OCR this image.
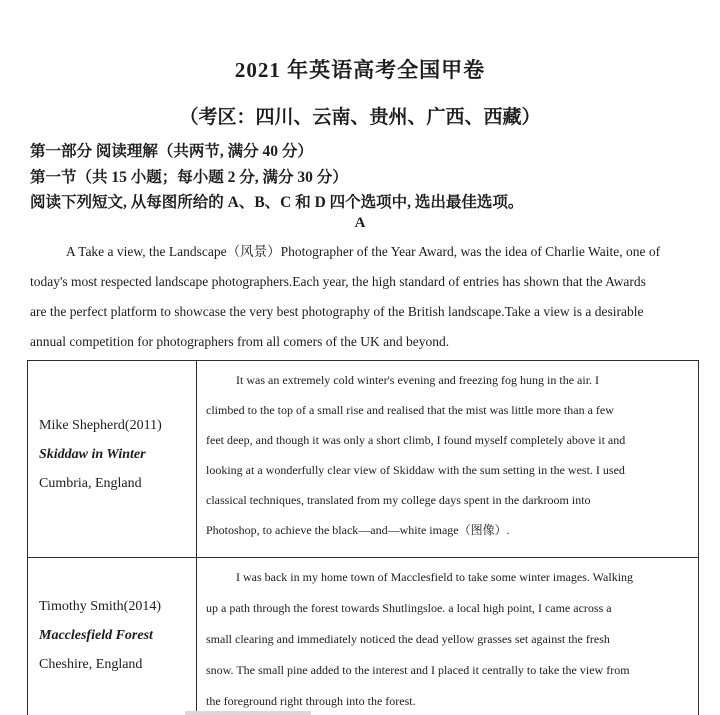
2021 年英语高考全国甲卷
（考区：四川、云南、贵州、广西、西藏）
第一部分 阅读理解（共两节, 满分 40 分）
第一节（共 15 小题；每小题 2 分, 满分 30 分）
阅读下列短文, 从每图所给的 A、B、C 和 D 四个选项中, 选出最佳选项。
A
A Take a view, the Landscape（风景）Photographer of the Year Award, was the idea of Charlie Waite, one of
today's most respected landscape photographers.Each year, the high standard of entries has shown that the Awards
are the perfect platform to showcase the very best photography of the British landscape.Take a view is a desirable
annual competition for photographers from all comers of the UK and beyond.
Mike Shepherd(2011)
Skiddaw in Winter
Cumbria, England
It was an extremely cold winter's evening and freezing fog hung in the air. I
climbed to the top of a small rise and realised that the mist was little more than a few
feet deep, and though it was only a short climb, I found myself completely above it and
looking at a wonderfully clear view of Skiddaw with the sum setting in the west. I used
classical techniques, translated from my college days spent in the darkroom into
Photoshop, to achieve the black—and—white image（图像）.
Timothy Smith(2014)
Macclesfield Forest
Cheshire, England
I was back in my home town of Macclesfield to take some winter images. Walking
up a path through the forest towards Shutlingsloe. a local high point, I came across a
small clearing and immediately noticed the dead yellow grasses set against the fresh
snow. The small pine added to the interest and I placed it centrally to take the view from
the foreground right through into the forest.
